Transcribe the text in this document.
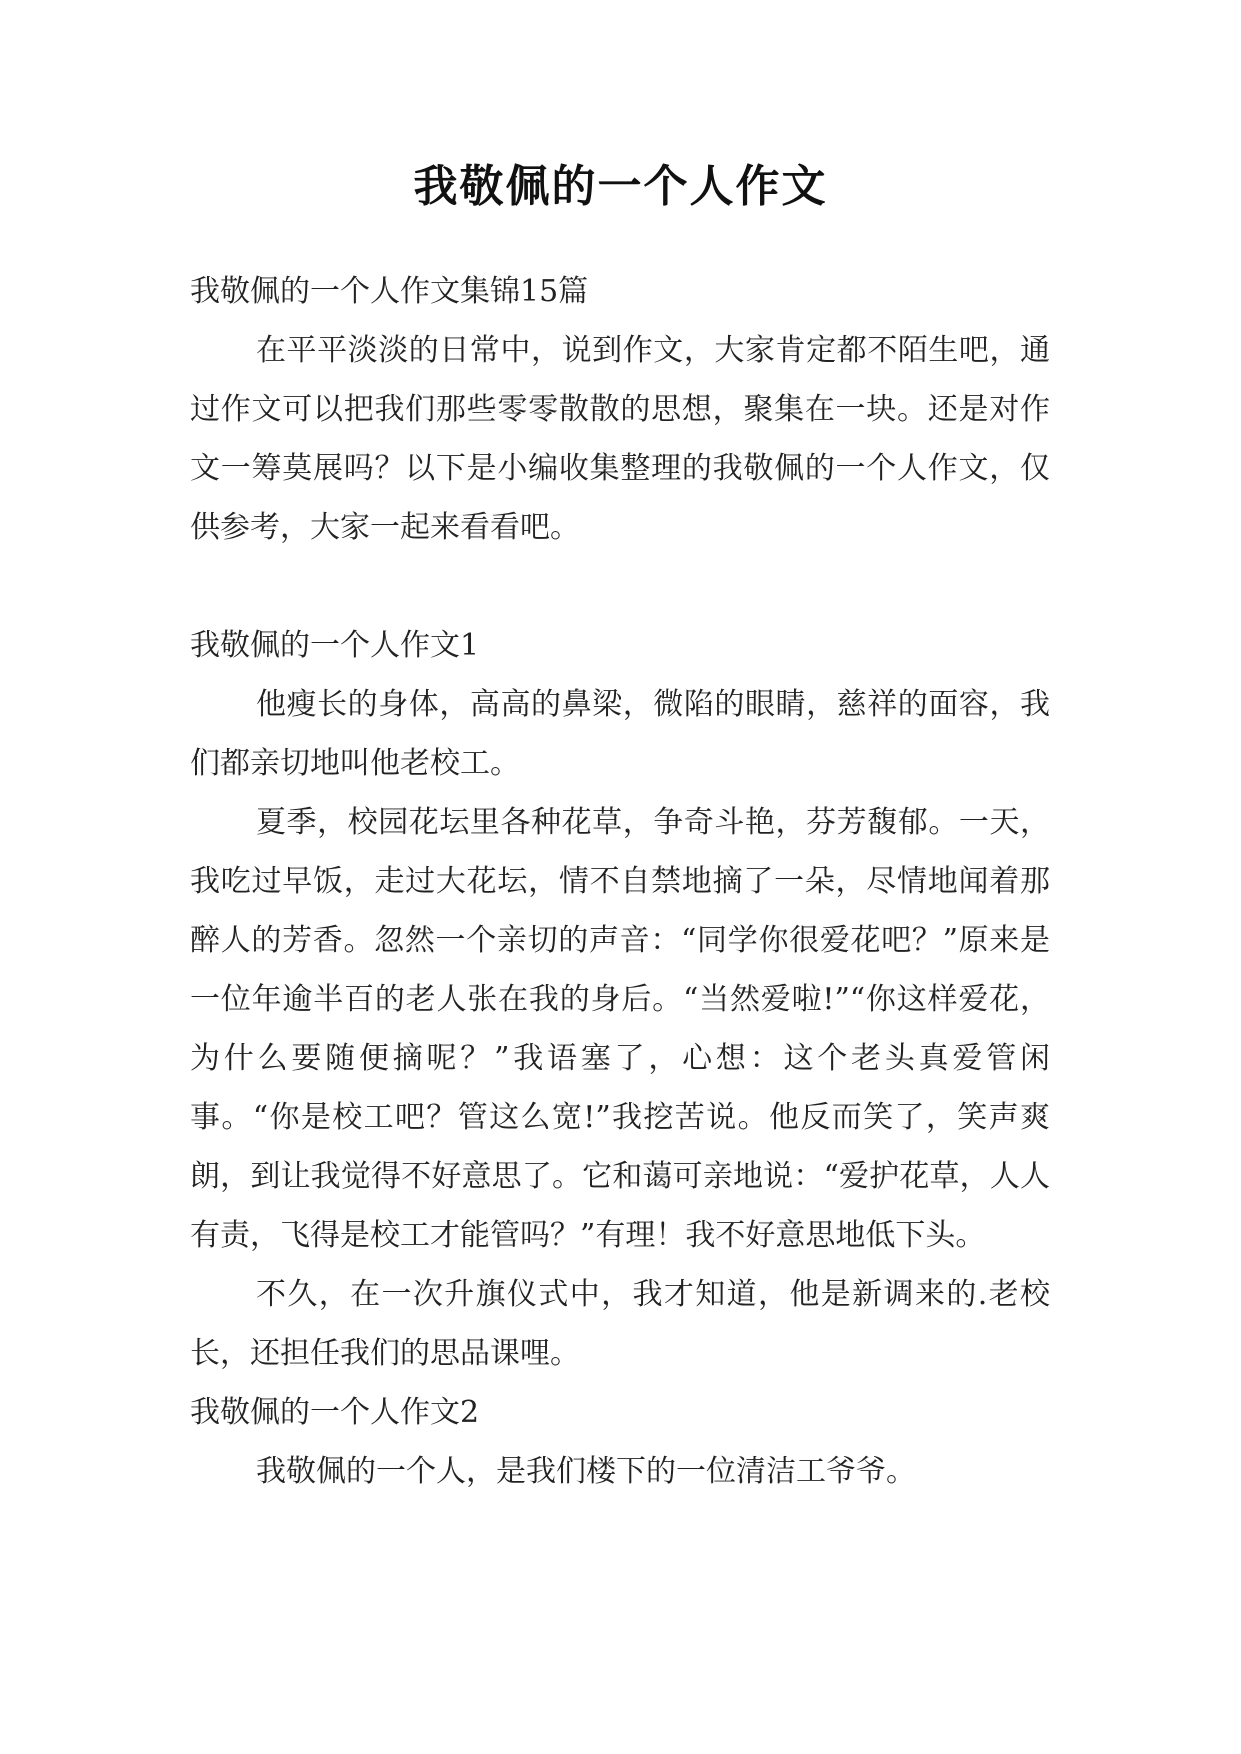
我敬佩的一个人作文

我敬佩的一个人作文集锦15篇

在平平淡淡的日常中，说到作文，大家肯定都不陌生吧，通过作文可以把我们那些零零散散的思想，聚集在一块。还是对作文一筹莫展吗？以下是小编收集整理的我敬佩的一个人作文，仅供参考，大家一起来看看吧。

我敬佩的一个人作文1

他瘦长的身体，高高的鼻梁，微陷的眼睛，慈祥的面容，我们都亲切地叫他老校工。

夏季，校园花坛里各种花草，争奇斗艳，芬芳馥郁。一天，我吃过早饭，走过大花坛，情不自禁地摘了一朵，尽情地闻着那醉人的芳香。忽然一个亲切的声音：“同学你很爱花吧？”原来是一位年逾半百的老人张在我的身后。“当然爱啦!”“你这样爱花，为什么要随便摘呢？”我语塞了，心想：这个老头真爱管闲事。“你是校工吧？管这么宽!”我挖苦说。他反而笑了，笑声爽朗，到让我觉得不好意思了。它和蔼可亲地说：“爱护花草，人人有责，飞得是校工才能管吗？”有理！我不好意思地低下头。

不久，在一次升旗仪式中，我才知道，他是新调来的.老校长，还担任我们的思品课哩。

我敬佩的一个人作文2

我敬佩的一个人，是我们楼下的一位清洁工爷爷。
